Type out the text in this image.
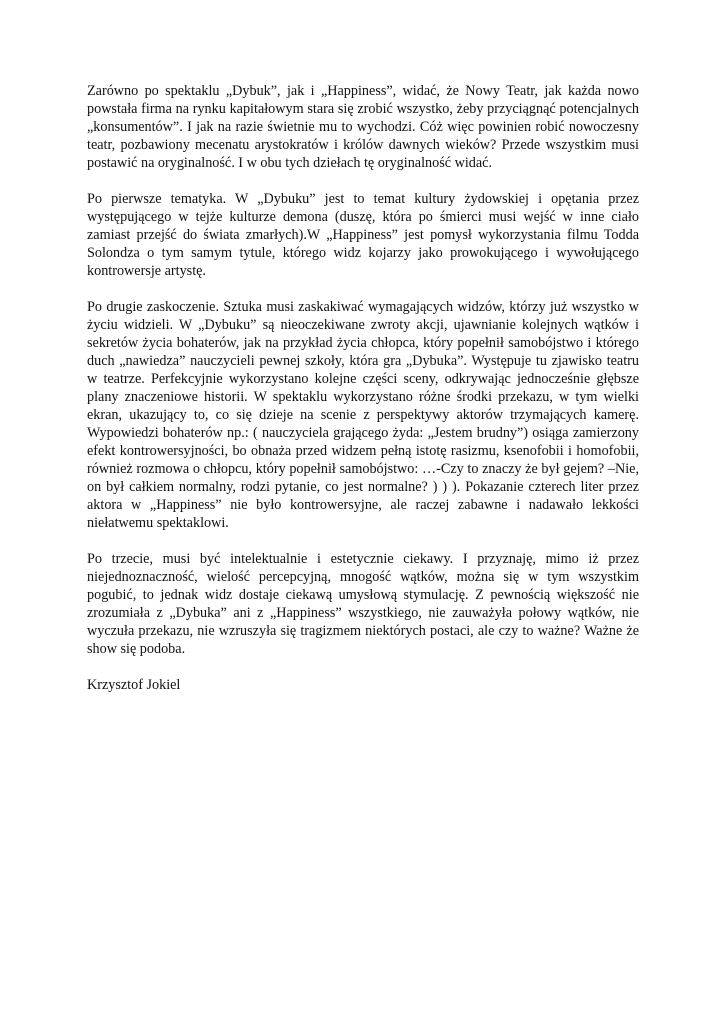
Zarówno po spektaklu „Dybuk”, jak i „Happiness”, widać, że Nowy Teatr, jak każda nowo powstała firma na rynku kapitałowym stara się zrobić wszystko, żeby przyciągnąć potencjalnych „konsumentów”. I jak na razie świetnie mu to wychodzi. Cóż więc powinien robić nowoczesny teatr, pozbawiony mecenatu arystokratów i królów dawnych wieków? Przede wszystkim musi postawić na oryginalność. I w obu tych dziełach tę oryginalność widać.

Po pierwsze tematyka. W „Dybuku” jest to temat kultury żydowskiej i opętania przez występującego w tejże kulturze demona (duszę, która po śmierci musi wejść w inne ciało zamiast przejść do świata zmarłych).W „Happiness” jest pomysł wykorzystania filmu Todda Solondza o tym samym tytule, którego widz kojarzy jako prowokującego i wywołującego kontrowersje artystę.

Po drugie zaskoczenie. Sztuka musi zaskakiwać wymagających widzów, którzy już wszystko w życiu widzieli. W „Dybuku” są nieoczekiwane zwroty akcji, ujawnianie kolejnych wątków i sekretów życia bohaterów, jak na przykład życia chłopca, który popełnił samobójstwo i którego duch „nawiedza” nauczycieli pewnej szkoły, która gra „Dybuka”. Występuje tu zjawisko teatru w teatrze. Perfekcyjnie wykorzystano kolejne części sceny, odkrywając jednocześnie głębsze plany znaczeniowe historii. W spektaklu wykorzystano różne środki przekazu, w tym wielki ekran, ukazujący to, co się dzieje na scenie z perspektywy aktorów trzymających kamerę. Wypowiedzi bohaterów np.: ( nauczyciela grającego żyda: „Jestem brudny”) osiąga zamierzony efekt kontrowersyjności, bo obnaża przed widzem pełną istotę rasizmu, ksenofobii i homofobii, również rozmowa o chłopcu, który popełnił samobójstwo: …-Czy to znaczy że był gejem? –Nie, on był całkiem normalny, rodzi pytanie, co jest normalne? ) ) ). Pokazanie czterech liter przez aktora w „Happiness” nie było kontrowersyjne, ale raczej zabawne i nadawało lekkości niełatwemu spektaklowi.

Po trzecie, musi być intelektualnie i estetycznie ciekawy. I przyznaję, mimo iż przez niejednoznaczność, wielość percepcyjną, mnogość wątków, można się w tym wszystkim pogubić, to jednak widz dostaje ciekawą umysłową stymulację. Z pewnością większość nie zrozumiała z „Dybuka” ani z „Happiness” wszystkiego, nie zauważyła połowy wątków, nie wyczuła przekazu, nie wzruszyła się tragizmem niektórych postaci, ale czy to ważne? Ważne że show się podoba.

Krzysztof Jokiel
